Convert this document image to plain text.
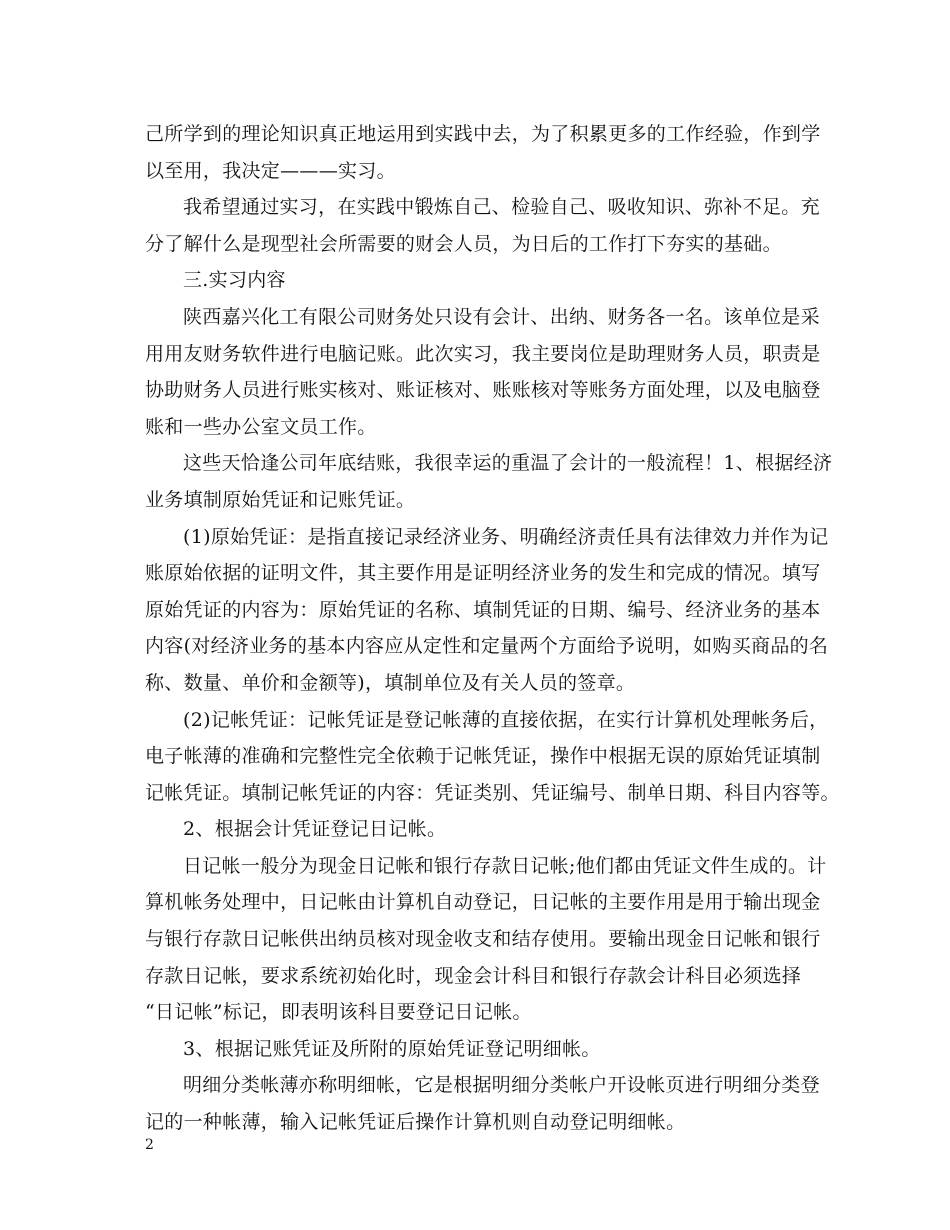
己所学到的理论知识真正地运用到实践中去，为了积累更多的工作经验，作到学
以至用，我决定———实习。

我希望通过实习，在实践中锻炼自己、检验自己、吸收知识、弥补不足。充
分了解什么是现型社会所需要的财会人员，为日后的工作打下夯实的基础。

三.实习内容

陕西嘉兴化工有限公司财务处只设有会计、出纳、财务各一名。该单位是采
用用友财务软件进行电脑记账。此次实习，我主要岗位是助理财务人员，职责是
协助财务人员进行账实核对、账证核对、账账核对等账务方面处理，以及电脑登
账和一些办公室文员工作。

这些天恰逢公司年底结账，我很幸运的重温了会计的一般流程！1、根据经济
业务填制原始凭证和记账凭证。

(1)原始凭证：是指直接记录经济业务、明确经济责任具有法律效力并作为记
账原始依据的证明文件，其主要作用是证明经济业务的发生和完成的情况。填写
原始凭证的内容为：原始凭证的名称、填制凭证的日期、编号、经济业务的基本
内容(对经济业务的基本内容应从定性和定量两个方面给予说明，如购买商品的名
称、数量、单价和金额等)，填制单位及有关人员的签章。

(2)记帐凭证：记帐凭证是登记帐薄的直接依据，在实行计算机处理帐务后，
电子帐薄的准确和完整性完全依赖于记帐凭证，操作中根据无误的原始凭证填制
记帐凭证。填制记帐凭证的内容：凭证类别、凭证编号、制单日期、科目内容等。

2、根据会计凭证登记日记帐。

日记帐一般分为现金日记帐和银行存款日记帐;他们都由凭证文件生成的。计
算机帐务处理中，日记帐由计算机自动登记，日记帐的主要作用是用于输出现金
与银行存款日记帐供出纳员核对现金收支和结存使用。要输出现金日记帐和银行
存款日记帐，要求系统初始化时，现金会计科目和银行存款会计科目必须选择
“日记帐”标记，即表明该科目要登记日记帐。

3、根据记账凭证及所附的原始凭证登记明细帐。

明细分类帐薄亦称明细帐，它是根据明细分类帐户开设帐页进行明细分类登
记的一种帐薄，输入记帐凭证后操作计算机则自动登记明细帐。

2
